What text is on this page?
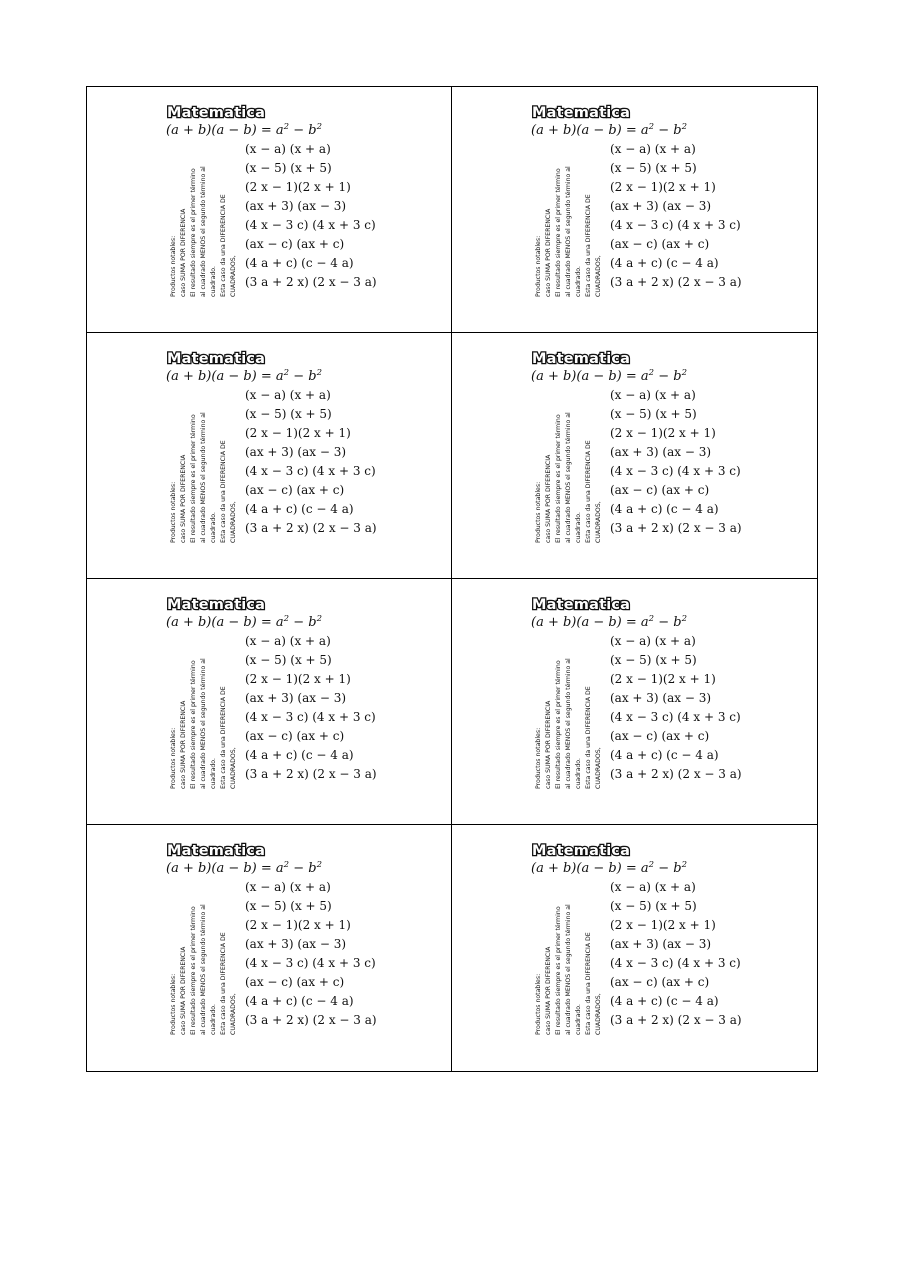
Matematica
$(a + b)(a - b) = a^2 - b^2$
Productos notables: caso SUMA POR DIFERENCIA El resultado siempre es el primer término al cuadrado MENOS el segundo término al cuadrado. Esta caso da una DIFERENCIA DE CUADRADOS,
(x − a) (x + a)
(x − 5) (x + 5)
(2 x − 1)(2 x + 1)
(ax + 3) (ax − 3)
(4 x − 3 c) (4 x + 3 c)
(ax − c) (ax + c)
(4 a + c) (c − 4 a)
(3 a + 2 x) (2 x − 3 a)
Matematica
$(a + b)(a - b) = a^2 - b^2$
Productos notables: caso SUMA POR DIFERENCIA El resultado siempre es el primer término al cuadrado MENOS el segundo término al cuadrado. Esta caso da una DIFERENCIA DE CUADRADOS,
(x − a) (x + a)
(x − 5) (x + 5)
(2 x − 1)(2 x + 1)
(ax + 3) (ax − 3)
(4 x − 3 c) (4 x + 3 c)
(ax − c) (ax + c)
(4 a + c) (c − 4 a)
(3 a + 2 x) (2 x − 3 a)
Matematica
$(a + b)(a - b) = a^2 - b^2$
Productos notables: caso SUMA POR DIFERENCIA El resultado siempre es el primer término al cuadrado MENOS el segundo término al cuadrado. Esta caso da una DIFERENCIA DE CUADRADOS,
(x − a) (x + a)
(x − 5) (x + 5)
(2 x − 1)(2 x + 1)
(ax + 3) (ax − 3)
(4 x − 3 c) (4 x + 3 c)
(ax − c) (ax + c)
(4 a + c) (c − 4 a)
(3 a + 2 x) (2 x − 3 a)
Matematica
$(a + b)(a - b) = a^2 - b^2$
Productos notables: caso SUMA POR DIFERENCIA El resultado siempre es el primer término al cuadrado MENOS el segundo término al cuadrado. Esta caso da una DIFERENCIA DE CUADRADOS,
(x − a) (x + a)
(x − 5) (x + 5)
(2 x − 1)(2 x + 1)
(ax + 3) (ax − 3)
(4 x − 3 c) (4 x + 3 c)
(ax − c) (ax + c)
(4 a + c) (c − 4 a)
(3 a + 2 x) (2 x − 3 a)
Matematica
$(a + b)(a - b) = a^2 - b^2$
Productos notables: caso SUMA POR DIFERENCIA El resultado siempre es el primer término al cuadrado MENOS el segundo término al cuadrado. Esta caso da una DIFERENCIA DE CUADRADOS,
(x − a) (x + a)
(x − 5) (x + 5)
(2 x − 1)(2 x + 1)
(ax + 3) (ax − 3)
(4 x − 3 c) (4 x + 3 c)
(ax − c) (ax + c)
(4 a + c) (c − 4 a)
(3 a + 2 x) (2 x − 3 a)
Matematica
$(a + b)(a - b) = a^2 - b^2$
Productos notables: caso SUMA POR DIFERENCIA El resultado siempre es el primer término al cuadrado MENOS el segundo término al cuadrado. Esta caso da una DIFERENCIA DE CUADRADOS,
(x − a) (x + a)
(x − 5) (x + 5)
(2 x − 1)(2 x + 1)
(ax + 3) (ax − 3)
(4 x − 3 c) (4 x + 3 c)
(ax − c) (ax + c)
(4 a + c) (c − 4 a)
(3 a + 2 x) (2 x − 3 a)
Matematica
$(a + b)(a - b) = a^2 - b^2$
Productos notables: caso SUMA POR DIFERENCIA El resultado siempre es el primer término al cuadrado MENOS el segundo término al cuadrado. Esta caso da una DIFERENCIA DE CUADRADOS,
(x − a) (x + a)
(x − 5) (x + 5)
(2 x − 1)(2 x + 1)
(ax + 3) (ax − 3)
(4 x − 3 c) (4 x + 3 c)
(ax − c) (ax + c)
(4 a + c) (c − 4 a)
(3 a + 2 x) (2 x − 3 a)
Matematica
$(a + b)(a - b) = a^2 - b^2$
Productos notables: caso SUMA POR DIFERENCIA El resultado siempre es el primer término al cuadrado MENOS el segundo término al cuadrado. Esta caso da una DIFERENCIA DE CUADRADOS,
(x − a) (x + a)
(x − 5) (x + 5)
(2 x − 1)(2 x + 1)
(ax + 3) (ax − 3)
(4 x − 3 c) (4 x + 3 c)
(ax − c) (ax + c)
(4 a + c) (c − 4 a)
(3 a + 2 x) (2 x − 3 a)
